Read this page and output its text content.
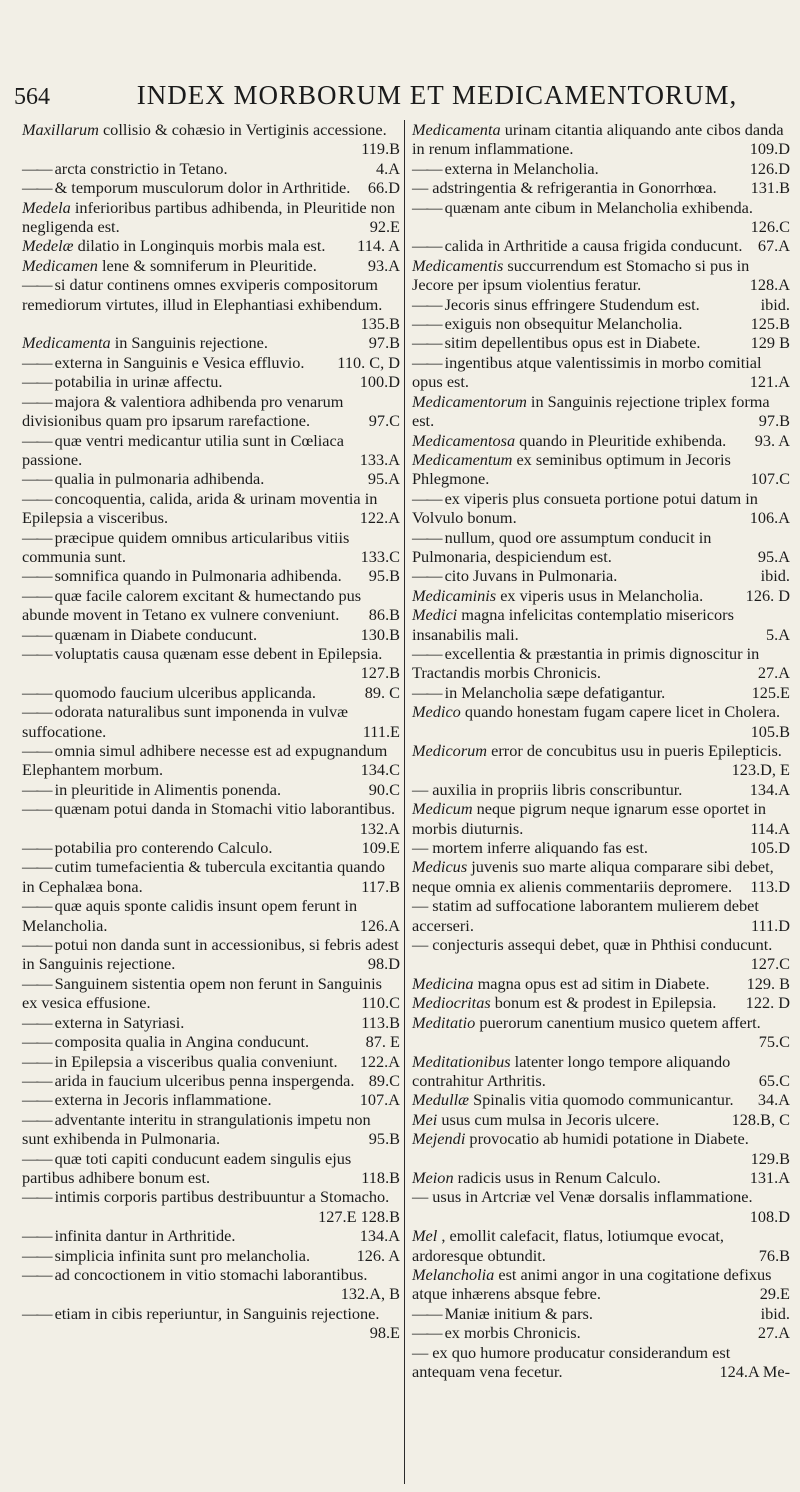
564	INDEX MORBORUM ET MEDICAMENTORUM,

Maxillarum collisio & cohæsio in Vertiginis accessione.
119.B

—— arcta constrictio in Tetano.	4.A

—— & temporum musculorum dolor in Arthritide. 66.D

Medela inferioribus partibus adhibenda, in Pleuritide non negligenda est.	92.E

Medelæ dilatio in Longinquis morbis mala est. 114. A

Medicamen lene & somniferum in Pleuritide.	93.A

—— si datur continens omnes exviperis compositorum remediorum virtutes, illud in Elephantiasi exhibendum.
135.B

Medicamenta in Sanguinis rejectione.	97.B

—— externa in Sanguinis e Vesica effluvio. 110. C, D

—— potabilia in urinæ affectu.	100.D

—— majora & valentiora adhibenda pro venarum divisionibus quam pro ipsarum rarefactione.	97.C

—— quæ ventri medicantur utilia sunt in Cœliaca passione.	133.A

—— qualia in pulmonaria adhibenda.	95.A

—— concoquentia, calida, arida & urinam moventia in Epilepsia a visceribus.	122.A

—— præcipue quidem omnibus articularibus vitiis communia sunt.	133.C

—— somnifica quando in Pulmonaria adhibenda. 95.B

—— quæ facile calorem excitant & humectando pus abunde movent in Tetano ex vulnere conveniunt. 86.B

—— quænam in Diabete conducunt.	130.B

—— voluptatis causa quænam esse debent in Epilepsia.
127.B

—— quomodo faucium ulceribus applicanda.	89. C

—— odorata naturalibus sunt imponenda in vulvæ suffocatione.	111.E

—— omnia simul adhibere necesse est ad expugnandum Elephantem morbum.	134.C

—— in pleuritide in Alimentis ponenda.	90.C

—— quænam potui danda in Stomachi vitio laborantibus.
132.A

—— potabilia pro conterendo Calculo.	109.E

—— cutim tumefacientia & tubercula excitantia quando in Cephalæa bona.	117.B

—— quæ aquis sponte calidis insunt opem ferunt in Melancholia.	126.A

—— potui non danda sunt in accessionibus, si febris adest in Sanguinis rejectione.	98.D

—— Sanguinem sistentia opem non ferunt in Sanguinis ex vesica effusione.	110.C

—— externa in Satyriasi.	113.B

—— composita qualia in Angina conducunt.	87. E

—— in Epilepsia a visceribus qualia conveniunt. 122.A

—— arida in faucium ulceribus penna inspergenda. 89.C

—— externa in Jecoris inflammatione.	107.A

—— adventante interitu in strangulationis impetu non sunt exhibenda in Pulmonaria.	95.B

—— quæ toti capiti conducunt eadem singulis ejus partibus adhibere bonum est.	118.B

—— intimis corporis partibus destribuuntur a Stomacho.
127.E 128.B

—— infinita dantur in Arthritide.	134.A

—— simplicia infinita sunt pro melancholia.	126. A

—— ad concoctionem in vitio stomachi laborantibus.
132.A, B

—— etiam in cibis reperiuntur, in Sanguinis rejectione.
98.E

Medicamenta urinam citantia aliquando ante cibos danda in renum inflammatione.	109.D

—— externa in Melancholia.	126.D

— adstringentia & refrigerantia in Gonorrhœa. 131.B

—— quænam ante cibum in Melancholia exhibenda.
126.C

—— calida in Arthritide a causa frigida conducunt. 67.A

Medicamentis succurrendum est Stomacho si pus in Jecore per ipsum violentius feratur.	128.A

—— Jecoris sinus effringere Studendum est.	ibid.

—— exiguis non obsequitur Melancholia.	125.B

—— sitim depellentibus opus est in Diabete.	129 B

—— ingentibus atque valentissimis in morbo comitial opus est.	121.A

Medicamentorum in Sanguinis rejectione triplex forma est.	97.B

Medicamentosa quando in Pleuritide exhibenda. 93. A

Medicamentum ex seminibus optimum in Jecoris Phlegmone.	107.C

—— ex viperis plus consueta portione potui datum in Volvulo bonum.	106.A

—— nullum, quod ore assumptum conducit in Pulmonaria, despiciendum est.	95.A

—— cito Juvans in Pulmonaria.	ibid.

Medicaminis ex viperis usus in Melancholia.	126. D

Medici magna infelicitas contemplatio misericors insanabilis mali.	5.A

—— excellentia & præstantia in primis dignoscitur in Tractandis morbis Chronicis.	27.A

—— in Melancholia sæpe defatigantur.	125.E

Medico quando honestam fugam capere licet in Cholera.
105.B

Medicorum error de concubitus usu in pueris Epilepticis.
123.D, E

— auxilia in propriis libris conscribuntur.	134.A

Medicum neque pigrum neque ignarum esse oportet in morbis diuturnis.	114.A

— mortem inferre aliquando fas est.	105.D

Medicus juvenis suo marte aliqua comparare sibi debet, neque omnia ex alienis commentariis depromere. 113.D

— statim ad suffocatione laborantem mulierem debet accerseri.	111.D

— conjecturis assequi debet, quæ in Phthisi conducunt.
127.C

Medicina magna opus est ad sitim in Diabete. 129. B

Mediocritas bonum est & prodest in Epilepsia. 122. D

Meditatio puerorum canentium musico quetem affert.
75.C

Meditationibus latenter longo tempore aliquando contrahitur Arthritis.	65.C

Medullæ Spinalis vitia quomodo communicantur. 34.A

Mei usus cum mulsa in Jecoris ulcere.	128.B, C

Mejendi provocatio ab humidi potatione in Diabete.
129.B

Meion radicis usus in Renum Calculo.	131.A

— usus in Artcriæ vel Venæ dorsalis inflammatione.
108.D

Mel , emollit calefacit, flatus, lotiumque evocat, ardoresque obtundit.	76.B

Melancholia est animi angor in una cogitatione defixus atque inhærens absque febre.	29.E

—— Maniæ initium & pars.	ibid.

—— ex morbis Chronicis.	27.A

— ex quo humore producatur considerandum est antequam vena fecetur.	124.A Me-
